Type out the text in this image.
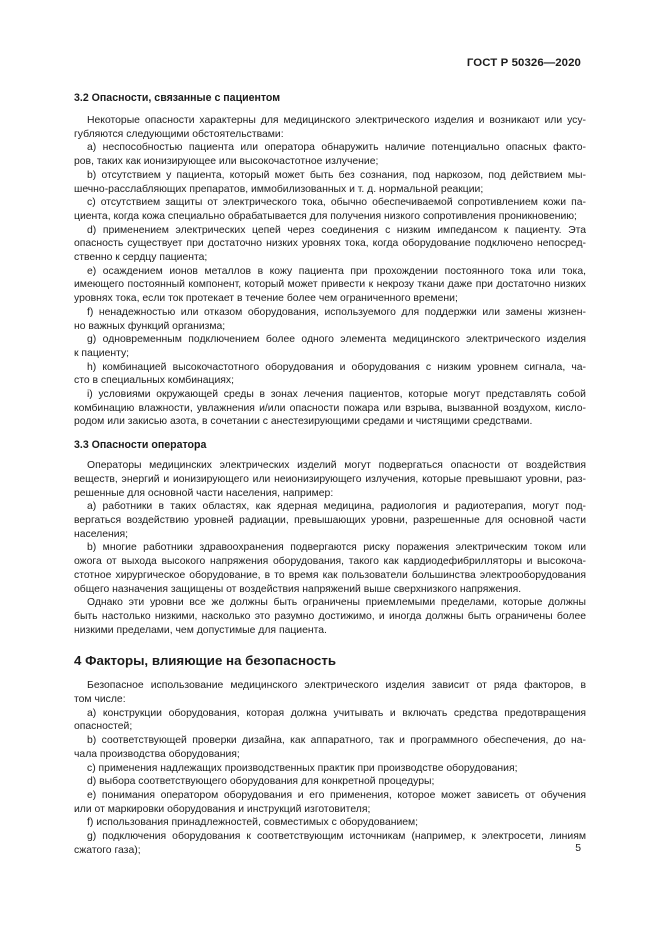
ГОСТ Р 50326—2020
3.2 Опасности, связанные с пациентом
Некоторые опасности характерны для медицинского электрического изделия и возникают или усу-
губляются следующими обстоятельствами:
а) неспособностью пациента или оператора обнаружить наличие потенциально опасных факто-
ров, таких как ионизирующее или высокочастотное излучение;
b) отсутствием у пациента, который может быть без сознания, под наркозом, под действием мы-
шечно-расслабляющих препаратов, иммобилизованных и т. д. нормальной реакции;
с) отсутствием защиты от электрического тока, обычно обеспечиваемой сопротивлением кожи па-
циента, когда кожа специально обрабатывается для получения низкого сопротивления проникновению;
d) применением электрических цепей через соединения с низким импедансом к пациенту. Эта
опасность существует при достаточно низких уровнях тока, когда оборудование подключено непосред-
ственно к сердцу пациента;
е) осаждением ионов металлов в кожу пациента при прохождении постоянного тока или тока,
имеющего постоянный компонент, который может привести к некрозу ткани даже при достаточно низких
уровнях тока, если ток протекает в течение более чем ограниченного времени;
f) ненадежностью или отказом оборудования, используемого для поддержки или замены жизнен-
но важных функций организма;
g) одновременным подключением более одного элемента медицинского электрического изделия
к пациенту;
h) комбинацией высокочастотного оборудования и оборудования с низким уровнем сигнала, ча-
сто в специальных комбинациях;
i) условиями окружающей среды в зонах лечения пациентов, которые могут представлять собой
комбинацию влажности, увлажнения и/или опасности пожара или взрыва, вызванной воздухом, кисло-
родом или закисью азота, в сочетании с анестезирующими средами и чистящими средствами.
3.3 Опасности оператора
Операторы медицинских электрических изделий могут подвергаться опасности от воздействия
веществ, энергий и ионизирующего или неионизирующего излучения, которые превышают уровни, раз-
решенные для основной части населения, например:
а) работники в таких областях, как ядерная медицина, радиология и радиотерапия, могут под-
вергаться воздействию уровней радиации, превышающих уровни, разрешенные для основной части
населения;
b) многие работники здравоохранения подвергаются риску поражения электрическим током или
ожога от выхода высокого напряжения оборудования, такого как кардиодефибрилляторы и высокоча-
стотное хирургическое оборудование, в то время как пользователи большинства электрооборудования
общего назначения защищены от воздействия напряжений выше сверхнизкого напряжения.
Однако эти уровни все же должны быть ограничены приемлемыми пределами, которые должны
быть настолько низкими, насколько это разумно достижимо, и иногда должны быть ограничены более
низкими пределами, чем допустимые для пациента.
4 Факторы, влияющие на безопасность
Безопасное использование медицинского электрического изделия зависит от ряда факторов, в
том числе:
а) конструкции оборудования, которая должна учитывать и включать средства предотвращения
опасностей;
b) соответствующей проверки дизайна, как аппаратного, так и программного обеспечения, до на-
чала производства оборудования;
с) применения надлежащих производственных практик при производстве оборудования;
d) выбора соответствующего оборудования для конкретной процедуры;
е) понимания оператором оборудования и его применения, которое может зависеть от обучения
или от маркировки оборудования и инструкций изготовителя;
f) использования принадлежностей, совместимых с оборудованием;
g) подключения оборудования к соответствующим источникам (например, к электросети, линиям
сжатого газа);	5
